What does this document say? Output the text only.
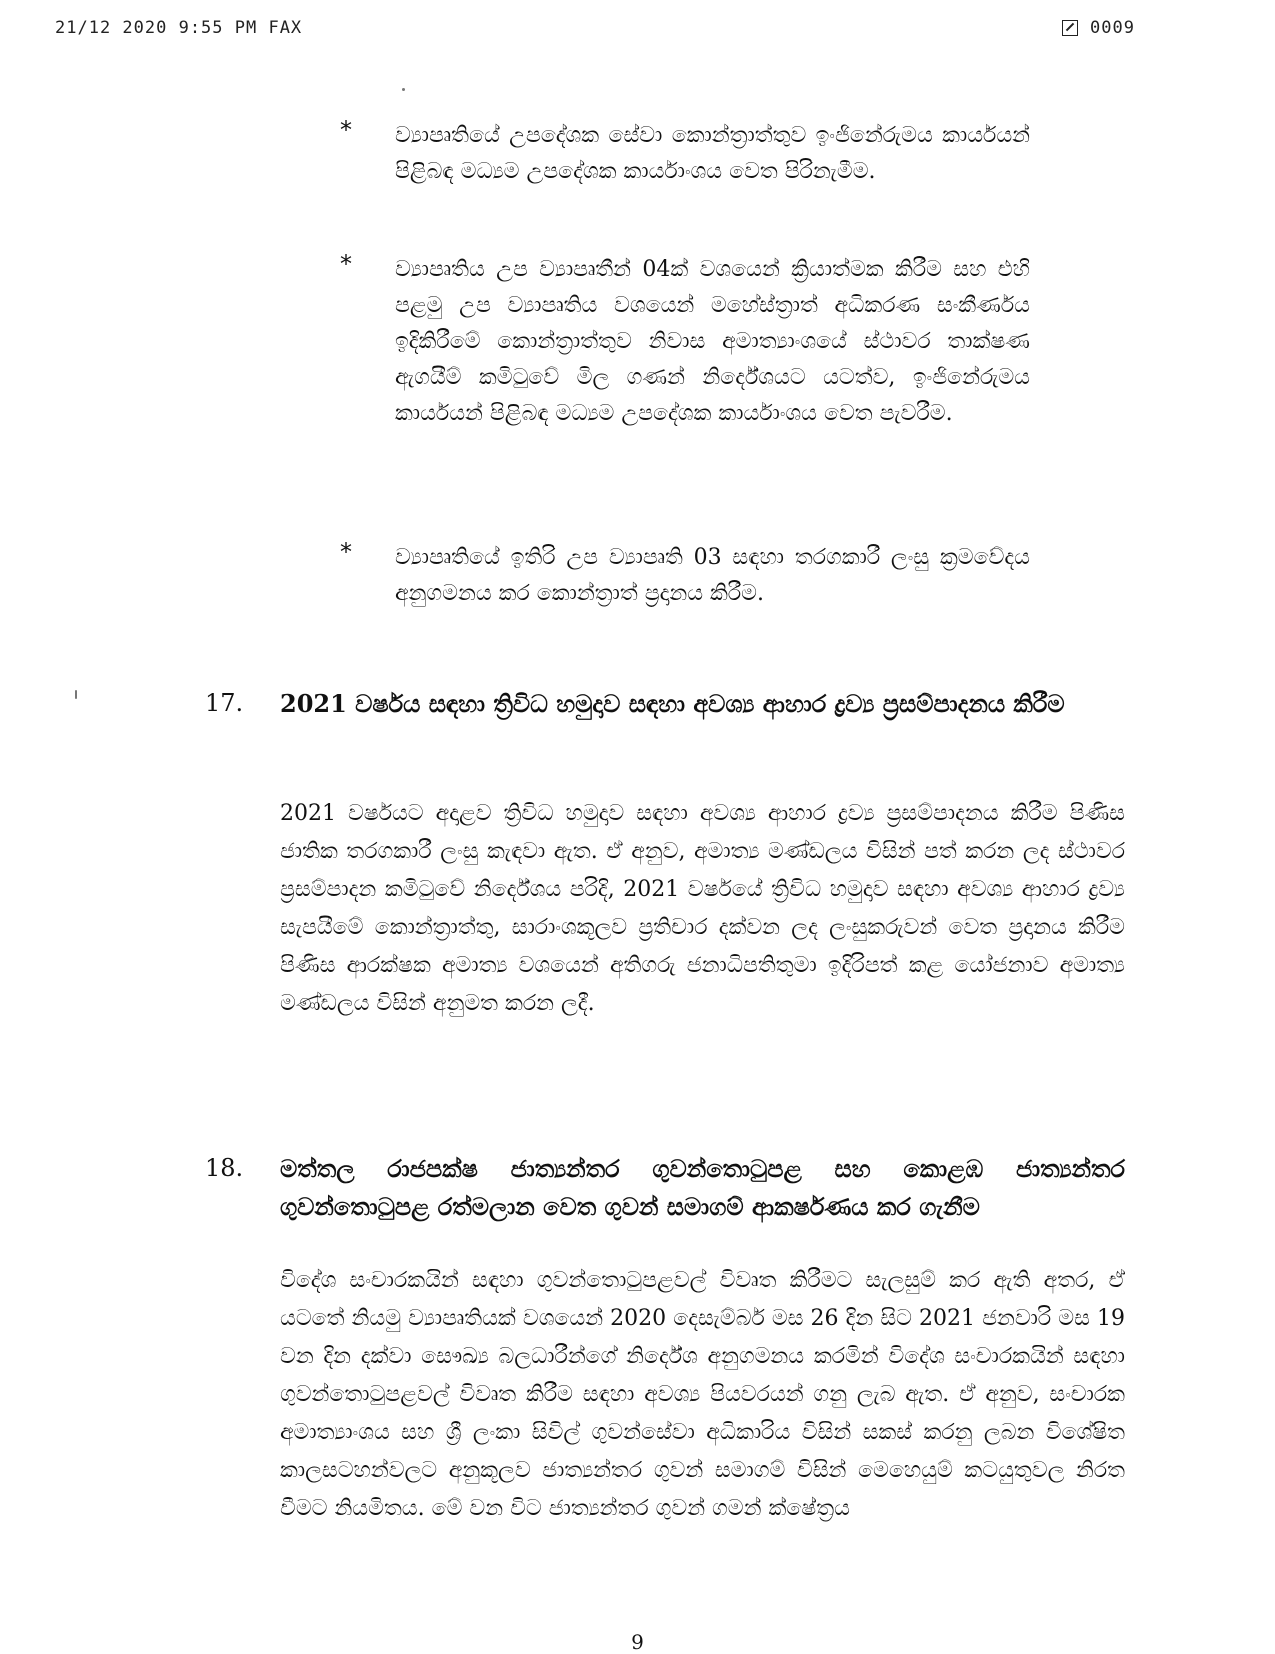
21/12 2020 9:55 PM FAX	0009
* ව්‍යාපෘතියේ උපදේශක සේවා කොන්ත්‍රාත්තුව ඉංජිනේරුමය කාර්යයන් පිළිබඳ මධ්‍යම උපදේශක කාර්යාංශය වෙත පිරිනැමීම.
* ව්‍යාපෘතිය උප ව්‍යාපෘතීන් 04ක් වශයෙන් ක්‍රියාත්මක කිරීම සහ එහි පළමු උප ව්‍යාපෘතිය වශයෙන් මහේස්ත්‍රාත් අධිකරණ සංකීර්ණය ඉදිකිරීමේ කොන්ත්‍රාත්තුව නිවාස අමාත්‍යාංශයේ ස්ථාවර තාක්ෂණ ඇගයීම් කමිටුවේ මිල ගණන් නිර්දේශයට යටත්ව, ඉංජිනේරුමය කාර්යයන් පිළිබඳ මධ්‍යම උපදේශක කාර්යාංශය වෙත පැවරීම.
* ව්‍යාපෘතියේ ඉතිරි උප ව්‍යාපෘති 03 සඳහා තරගකාරී ලංසු ක්‍රමවේදය අනුගමනය කර කොන්ත්‍රාත් ප්‍රදානය කිරීම.
17. 2021 වර්ෂය සඳහා ත්‍රිවිධ හමුදාව සඳහා අවශ්‍ය ආහාර ද්‍රව්‍ය ප්‍රසම්පාදනය කිරීම
2021 වර්ෂයට අදාළව ත්‍රිවිධ හමුදාව සඳහා අවශ්‍ය ආහාර ද්‍රව්‍ය ප්‍රසම්පාදනය කිරීම පිණිස ජාතික තරගකාරී ලංසු කැඳවා ඇත. ඒ අනුව, අමාත්‍ය මණ්ඩලය විසින් පත් කරන ලද ස්ථාවර ප්‍රසම්පාදන කමිටුවේ නිර්දේශය පරිදි, 2021 වර්ෂයේ ත්‍රිවිධ හමුදාව සඳහා අවශ්‍ය ආහාර ද්‍රව්‍ය සැපයීමේ කොන්ත්‍රාත්තු, සාරාංශකූලව ප්‍රතිචාර දක්වන ලද ලංසුකරුවන් වෙත ප්‍රදානය කිරීම පිණිස ආරක්ෂක අමාත්‍ය වශයෙන් අතිගරු ජනාධිපතිතුමා ඉදිරිපත් කළ යෝජනාව අමාත්‍ය මණ්ඩලය විසින් අනුමත කරන ලදී.
18. මත්තල රාජපක්ෂ ජාත්‍යන්තර ගුවන්තොටුපළ සහ කොළඹ ජාත්‍යන්තර ගුවන්තොටුපළ රත්මලාන වෙත ගුවන් සමාගම් ආකර්ෂණය කර ගැනීම
විදේශ සංචාරකයින් සඳහා ගුවන්තොටුපළවල් විවෘත කිරීමට සැලසුම් කර ඇති අතර, ඒ යටතේ නියමු ව්‍යාපෘතියක් වශයෙන් 2020 දෙසැම්බර් මස 26 දින සිට 2021 ජනවාරි මස 19 වන දින දක්වා සෞඛ්‍ය බලධාරීන්ගේ නිර්දේශ අනුගමනය කරමින් විදේශ සංචාරකයින් සඳහා ගුවන්තොටුපළවල් විවෘත කිරීම සඳහා අවශ්‍ය පියවරයන් ගනු ලැබ ඇත. ඒ අනුව, සංචාරක අමාත්‍යාංශය සහ ශ්‍රී ලංකා සිවිල් ගුවන්සේවා අධිකාරිය විසින් සකස් කරනු ලබන විශේෂිත කාලසටහන්වලට අනුකූලව ජාත්‍යන්තර ගුවන් සමාගම් විසින් මෙහෙයුම් කටයුතුවල නිරත වීමට නියමිතය. මේ වන විට ජාත්‍යන්තර ගුවන් ගමන් ක්ෂේත්‍රය
9
